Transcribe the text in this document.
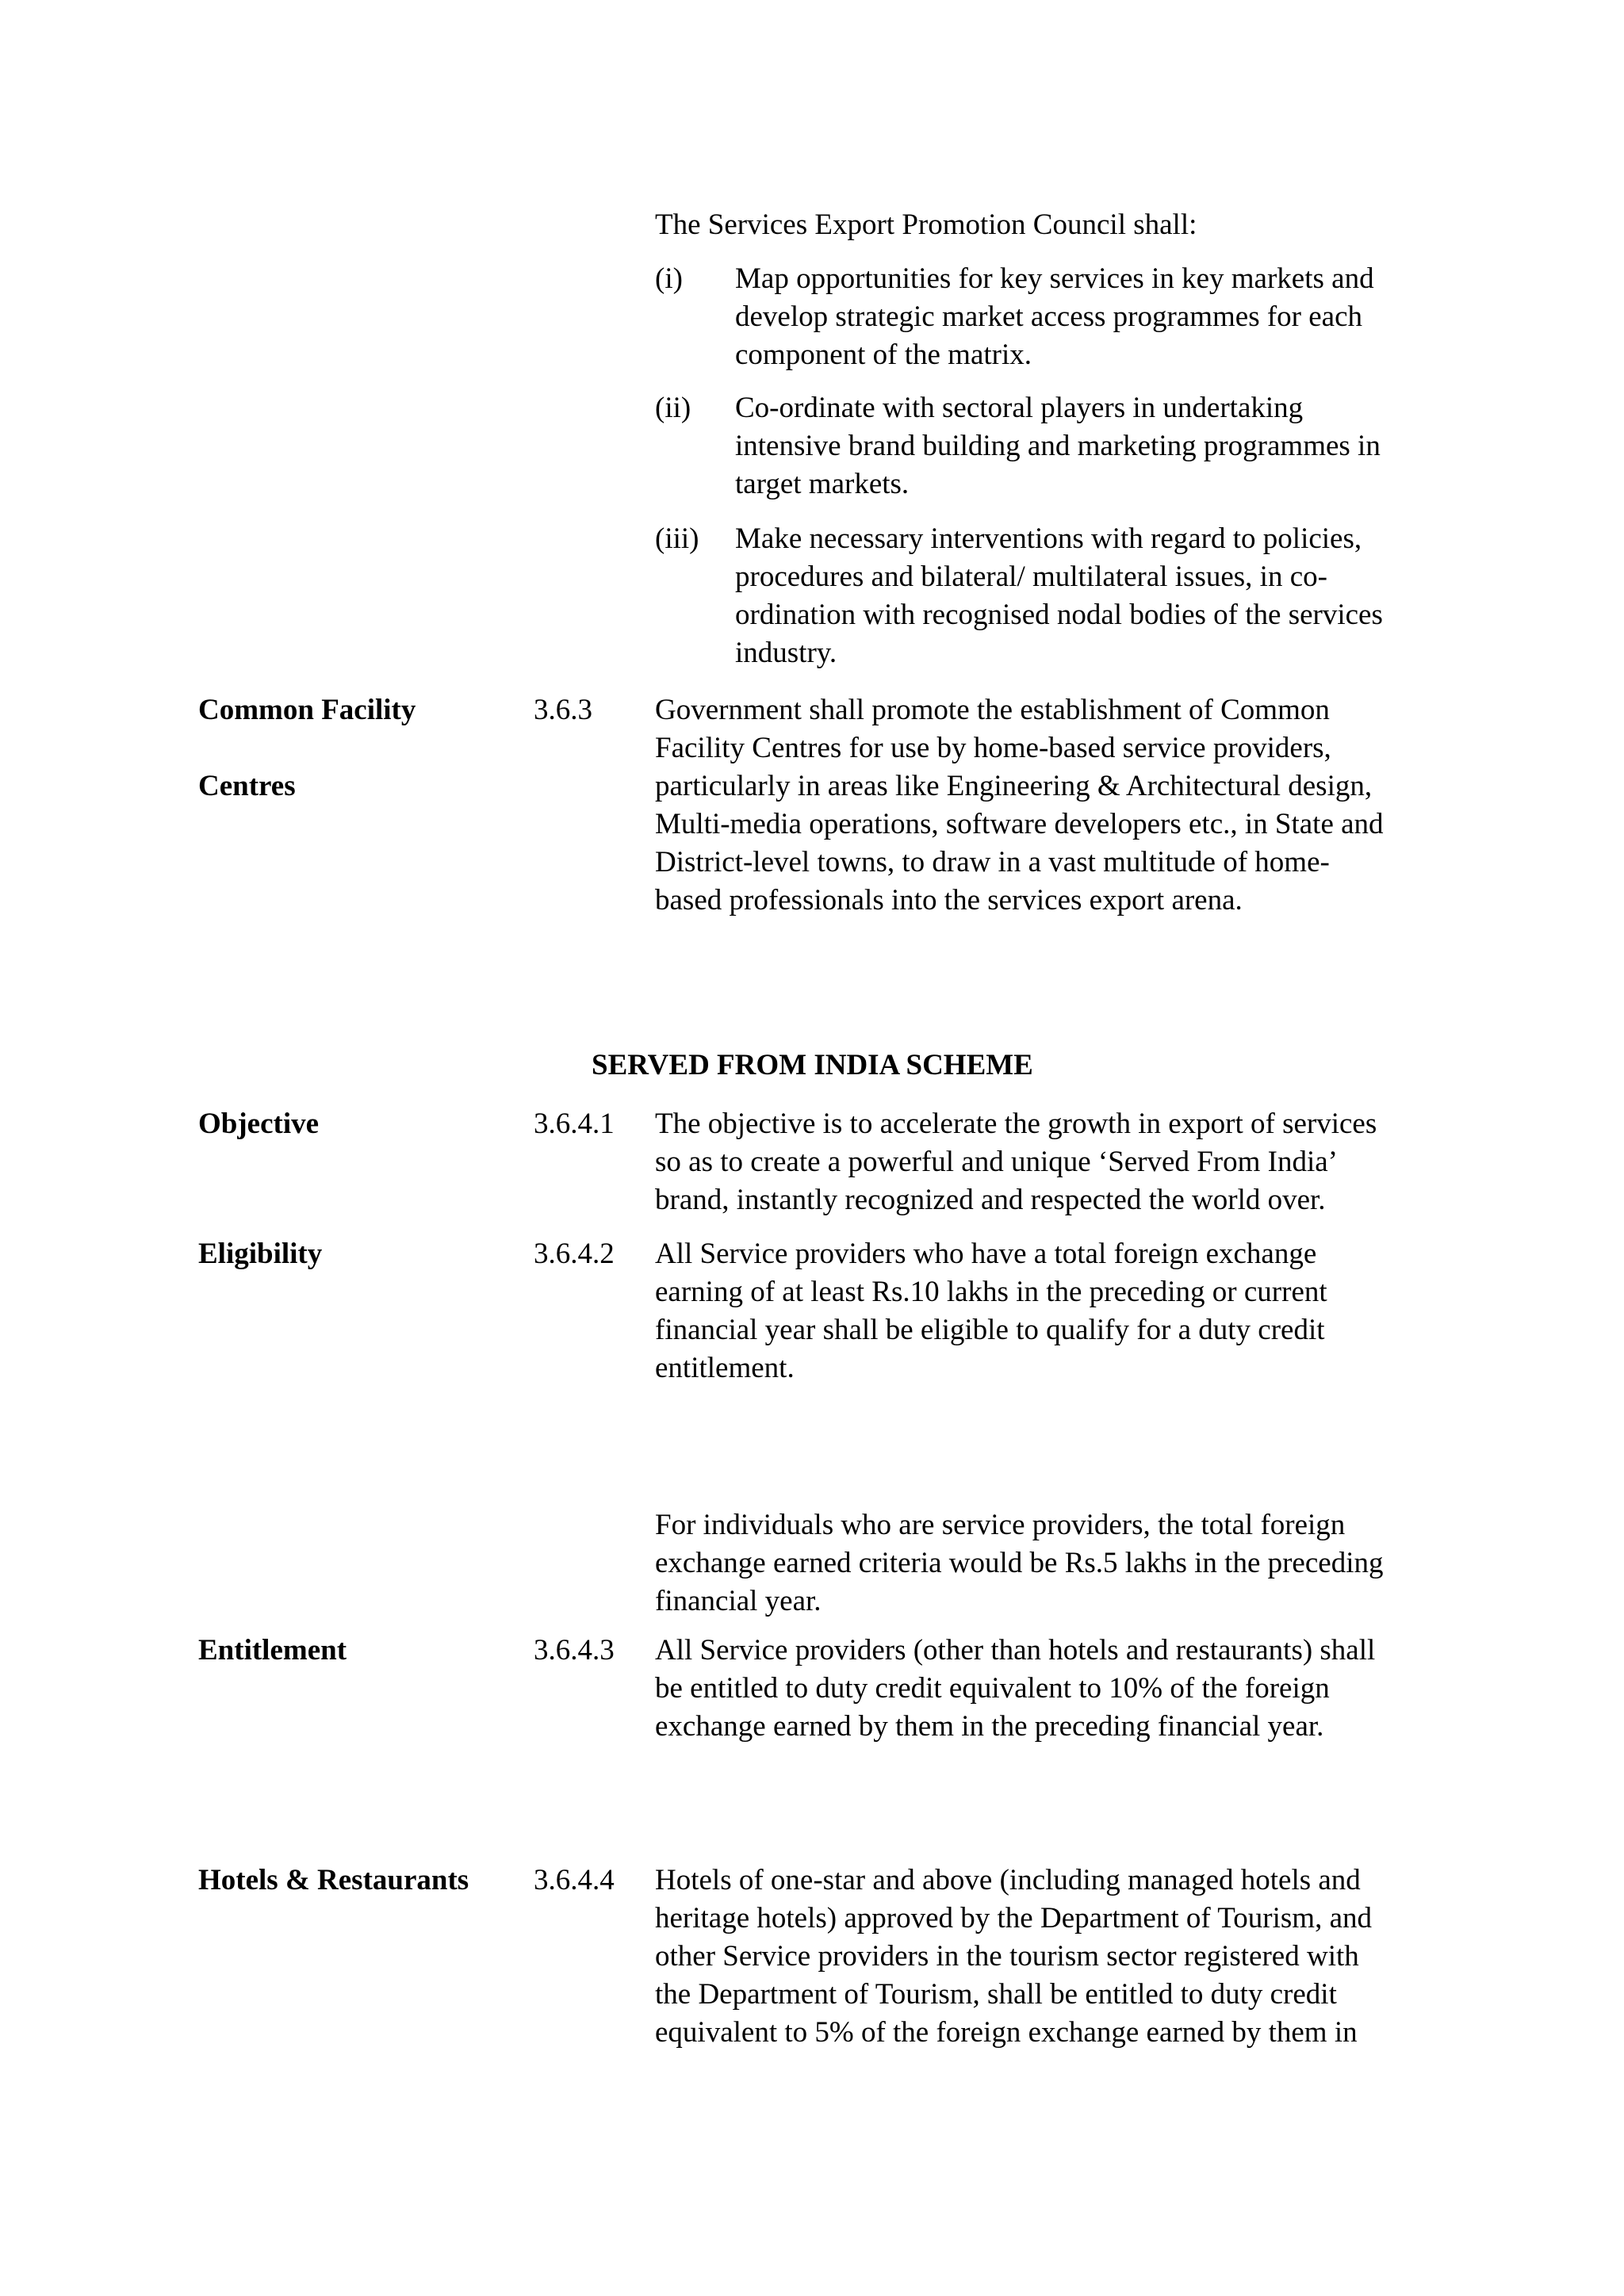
The Services Export Promotion Council shall:
(i)	Map opportunities for key services in key markets and
develop strategic market access programmes for each
component of the matrix.
(ii)	Co-ordinate with sectoral players in undertaking
intensive brand building and marketing programmes in
target markets.
(iii)	Make necessary interventions with regard to policies,
procedures and bilateral/ multilateral issues, in co-
ordination with recognised nodal bodies of the services
industry.
Common Facility
Centres
3.6.3 Government shall promote the establishment of Common
Facility Centres for use by home-based service providers,
particularly in areas like Engineering & Architectural design,
Multi-media operations, software developers etc., in State and
District-level towns, to draw in a vast multitude of home-
based professionals into the services export arena.
SERVED FROM INDIA SCHEME
Objective	3.6.4.1 The objective is to accelerate the growth in export of services
so as to create a powerful and unique ‘Served From India’
brand, instantly recognized and respected the world over.
Eligibility	3.6.4.2 All Service providers who have a total foreign exchange
earning of at least Rs.10 lakhs in the preceding or current
financial year shall be eligible to qualify for a duty credit
entitlement.
For individuals who are service providers, the total foreign
exchange earned criteria would be Rs.5 lakhs in the preceding
financial year.
Entitlement	3.6.4.3 All Service providers (other than hotels and restaurants) shall
be entitled to duty credit equivalent to 10% of the foreign
exchange earned by them in the preceding financial year.
Hotels & Restaurants 3.6.4.4 Hotels of one-star and above (including managed hotels and
heritage hotels) approved by the Department of Tourism, and
other Service providers in the tourism sector registered with
the Department of Tourism, shall be entitled to duty credit
equivalent to 5% of the foreign exchange earned by them in
